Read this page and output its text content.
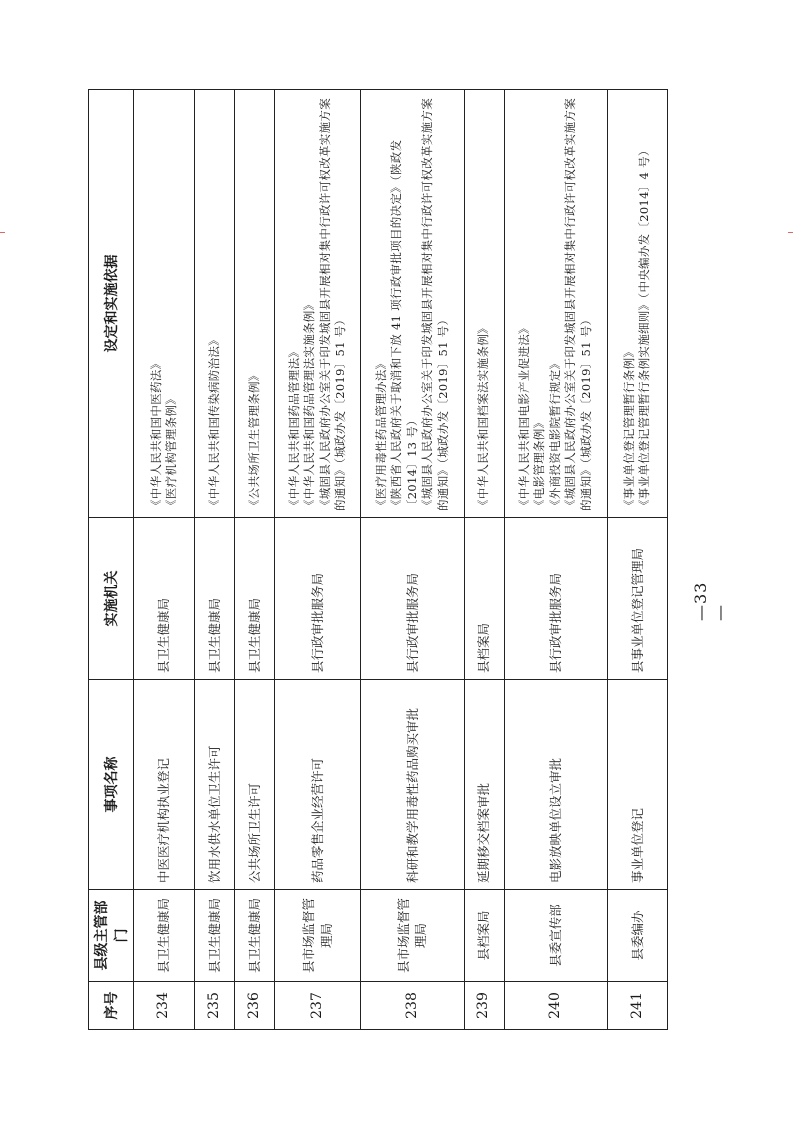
序号	县级主管部门	事项名称	实施机关	设定和实施依据
234	县卫生健康局	中医医疗机构执业登记	县卫生健康局	《中华人民共和国中医药法》 《医疗机构管理条例》

235	县卫生健康局	饮用水供水单位卫生许可	县卫生健康局	《中华人民共和国传染病防治法》

236	县卫生健康局	公共场所卫生许可	县卫生健康局	《公共场所卫生管理条例》

237	县市场监督管理局	药品零售企业经营许可	县行政审批服务局	《中华人民共和国药品管理法》 《中华人民共和国药品管理法实施条例》 《城固县人民政府办公室关于印发城固县开展相对集中行政许可权改革实施方案的通知》（城政办发〔2019〕51 号）

238	县市场监督管理局	科研和教学用毒性药品购买审批	县行政审批服务局	《医疗用毒性药品管理办法》 《陕西省人民政府关于取消和下放 41 项行政审批项目的决定》（陕政发〔2014〕13 号） 《城固县人民政府办公室关于印发城固县开展相对集中行政许可权改革实施方案的通知》（城政办发〔2019〕51 号）

239	县档案局	延期移交档案审批	县档案局	《中华人民共和国档案法实施条例》

240	县委宣传部	电影放映单位设立审批	县行政审批服务局	《中华人民共和国电影产业促进法》 《电影管理条例》 《外商投资电影院暂行规定》 《城固县人民政府办公室关于印发城固县开展相对集中行政许可权改革实施方案的通知》（城政办发〔2019〕51 号）

241	县委编办	事业单位登记	县事业单位登记管理局	《事业单位登记管理暂行条例》 《事业单位登记管理暂行条例实施细则》（中央编办发〔2014〕4 号）
—33—
